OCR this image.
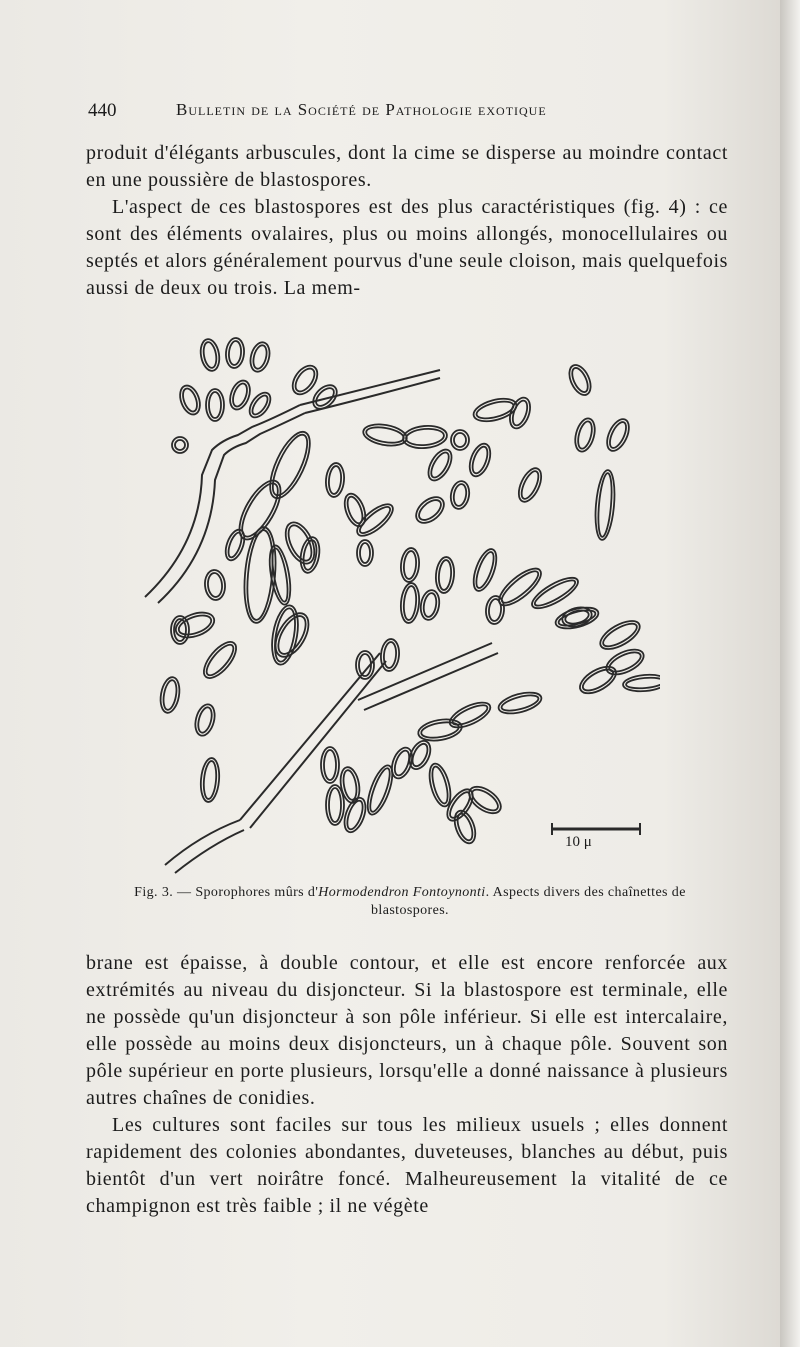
440	Bulletin de la Société de Pathologie exotique

produit d'élégants arbuscules, dont la cime se disperse au moindre contact en une poussière de blastospores.

L'aspect de ces blastospores est des plus caractéristiques (fig. 4) : ce sont des éléments ovalaires, plus ou moins allongés, monocellulaires ou septés et alors généralement pourvus d'une seule cloison, mais quelquefois aussi de deux ou trois. La mem-

10 μ
Fig. 3. — Sporophores mûrs d'Hormodendron Fontoynonti. Aspects divers des chaînettes de blastospores.

brane est épaisse, à double contour, et elle est encore renforcée aux extrémités au niveau du disjoncteur. Si la blastospore est terminale, elle ne possède qu'un disjoncteur à son pôle inférieur. Si elle est intercalaire, elle possède au moins deux disjoncteurs, un à chaque pôle. Souvent son pôle supérieur en porte plusieurs, lorsqu'elle a donné naissance à plusieurs autres chaînes de conidies.

Les cultures sont faciles sur tous les milieux usuels ; elles donnent rapidement des colonies abondantes, duveteuses, blanches au début, puis bientôt d'un vert noirâtre foncé. Malheureusement la vitalité de ce champignon est très faible ; il ne végète
